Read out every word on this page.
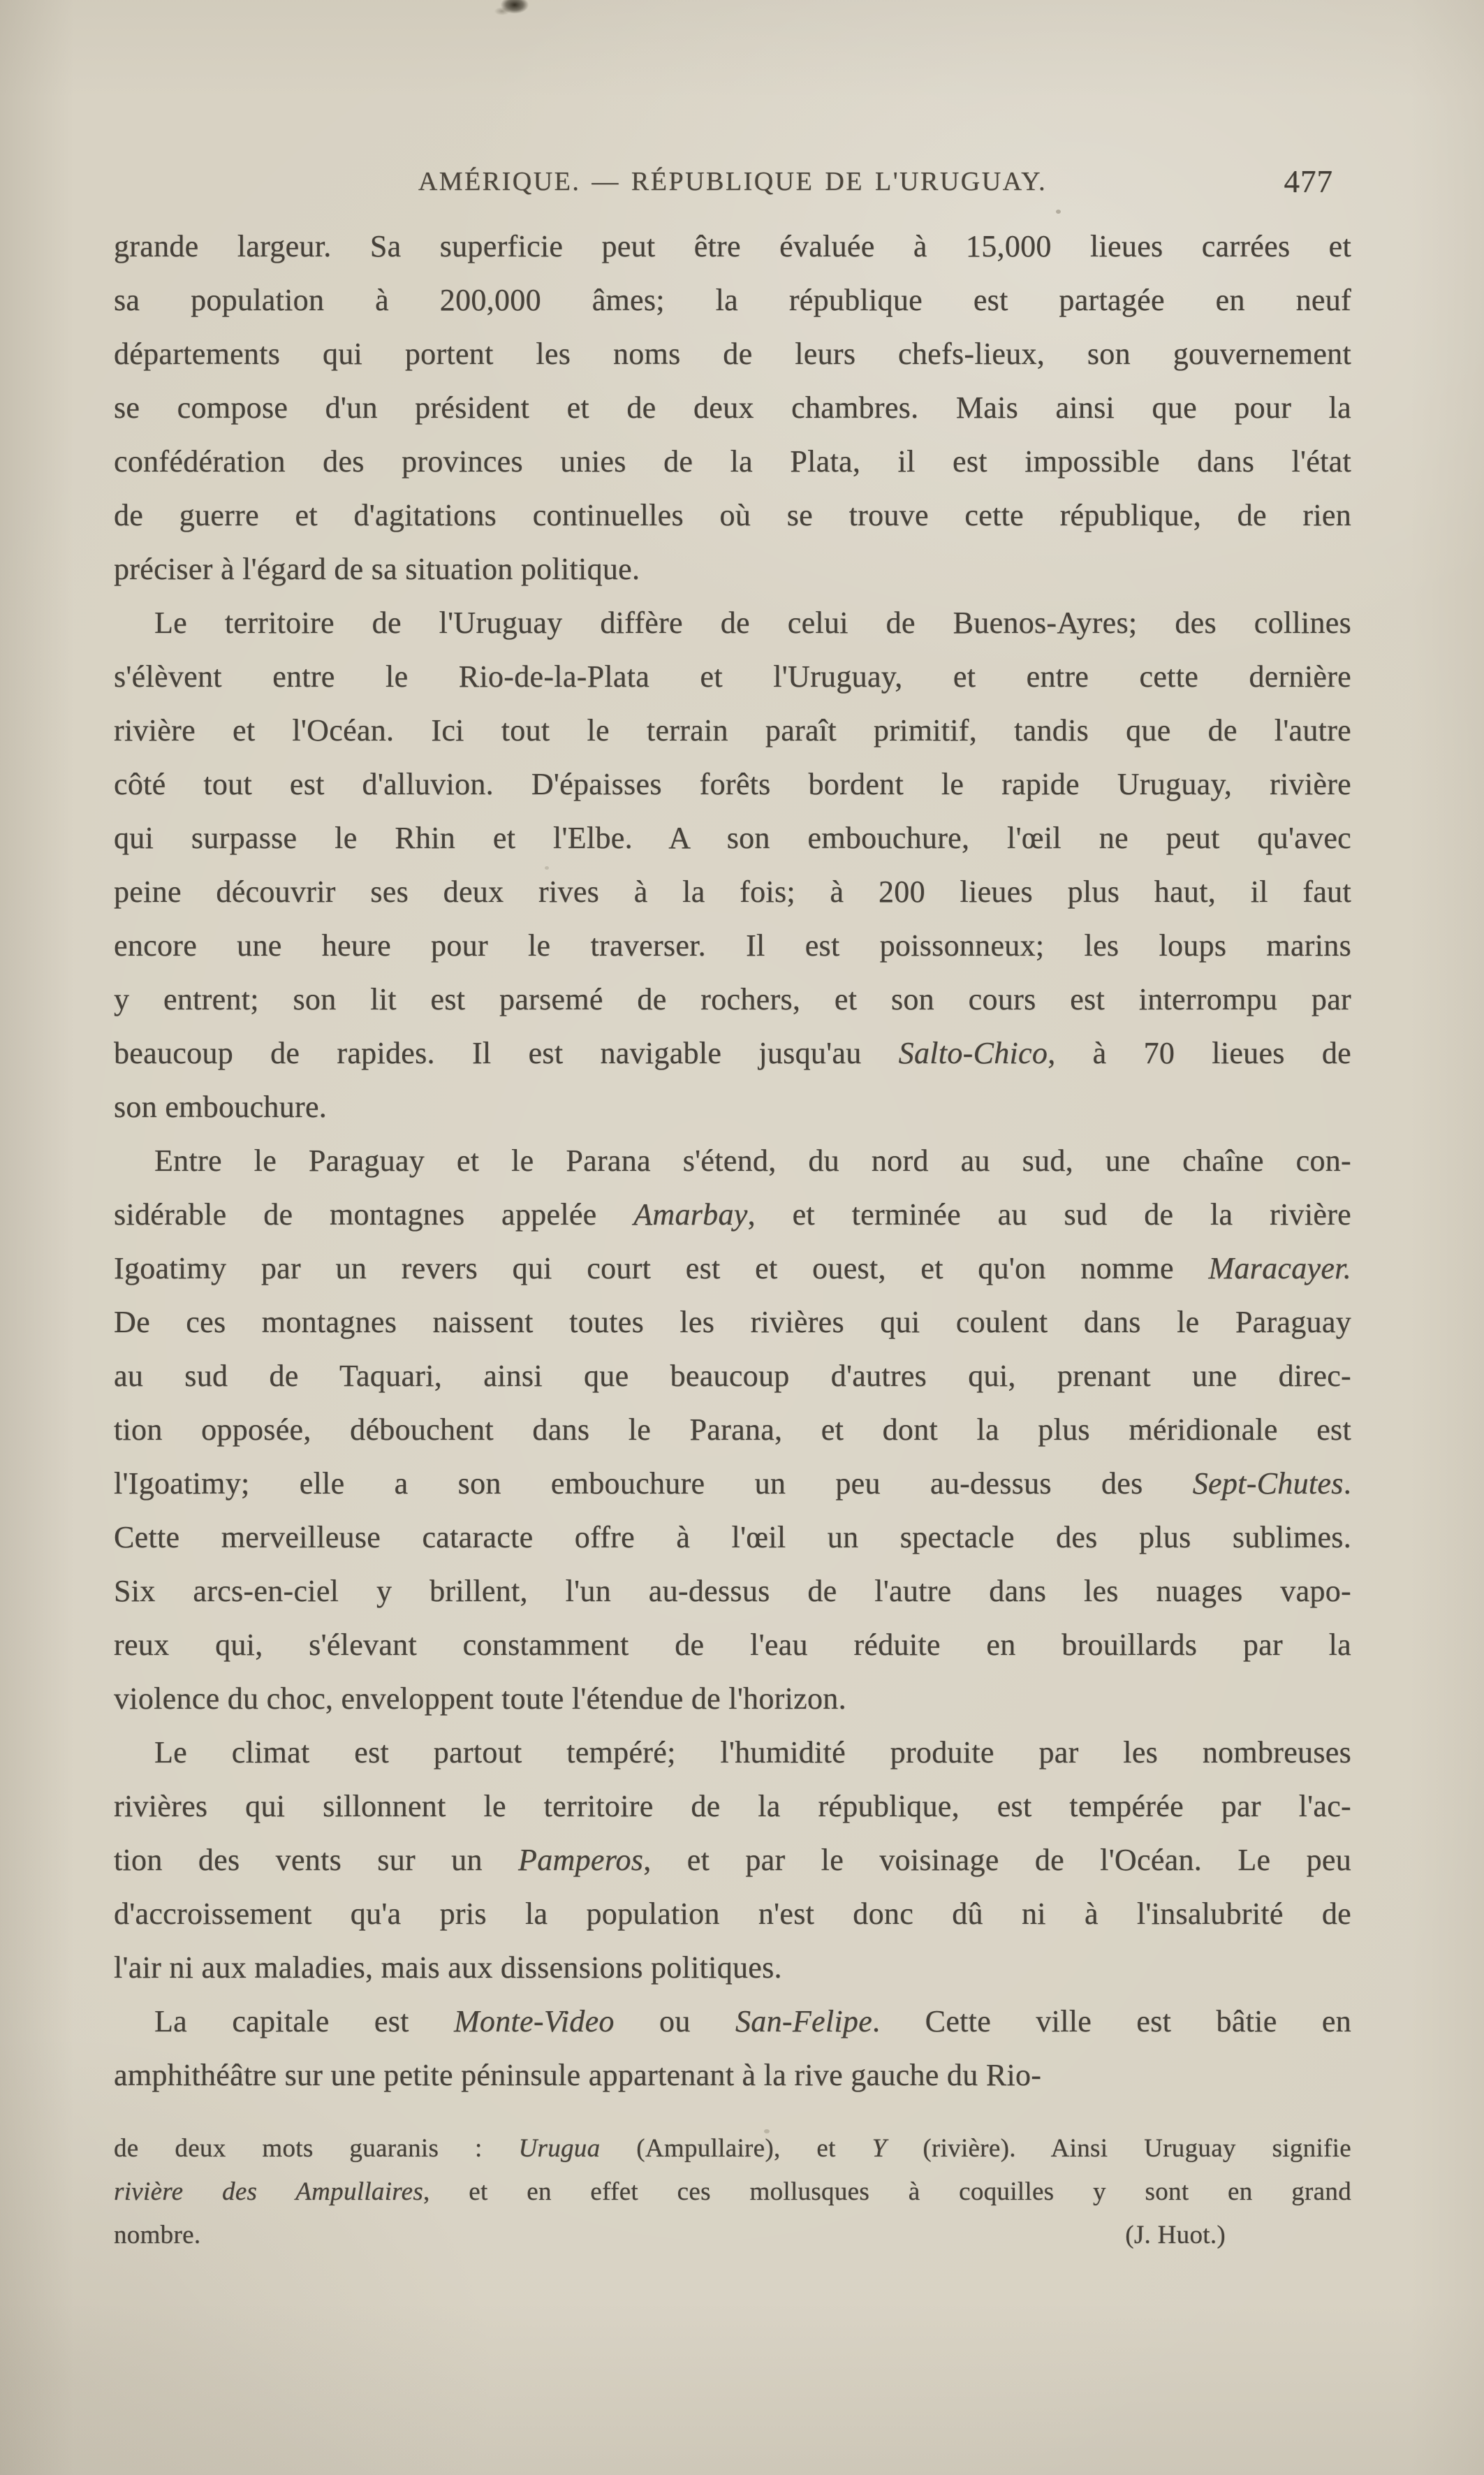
AMÉRIQUE. — RÉPUBLIQUE DE L'URUGUAY.	477
grande largeur. Sa superficie peut être évaluée à 15,000 lieues carrées et
sa population à 200,000 âmes; la république est partagée en neuf
départements qui portent les noms de leurs chefs-lieux, son gouvernement
se compose d'un président et de deux chambres. Mais ainsi que pour la
confédération des provinces unies de la Plata, il est impossible dans l'état
de guerre et d'agitations continuelles où se trouve cette république, de rien
préciser à l'égard de sa situation politique.
Le territoire de l'Uruguay diffère de celui de Buenos-Ayres; des collines
s'élèvent entre le Rio-de-la-Plata et l'Uruguay, et entre cette dernière
rivière et l'Océan. Ici tout le terrain paraît primitif, tandis que de l'autre
côté tout est d'alluvion. D'épaisses forêts bordent le rapide Uruguay, rivière
qui surpasse le Rhin et l'Elbe. A son embouchure, l'œil ne peut qu'avec
peine découvrir ses deux rives à la fois; à 200 lieues plus haut, il faut
encore une heure pour le traverser. Il est poissonneux; les loups marins
y entrent; son lit est parsemé de rochers, et son cours est interrompu par
beaucoup de rapides. Il est navigable jusqu'au Salto-Chico, à 70 lieues de
son embouchure.
Entre le Paraguay et le Parana s'étend, du nord au sud, une chaîne con-
sidérable de montagnes appelée Amarbay, et terminée au sud de la rivière
Igoatimy par un revers qui court est et ouest, et qu'on nomme Maracayer.
De ces montagnes naissent toutes les rivières qui coulent dans le Paraguay
au sud de Taquari, ainsi que beaucoup d'autres qui, prenant une direc-
tion opposée, débouchent dans le Parana, et dont la plus méridionale est
l'Igoatimy; elle a son embouchure un peu au-dessus des Sept-Chutes.
Cette merveilleuse cataracte offre à l'œil un spectacle des plus sublimes.
Six arcs-en-ciel y brillent, l'un au-dessus de l'autre dans les nuages vapo-
reux qui, s'élevant constamment de l'eau réduite en brouillards par la
violence du choc, enveloppent toute l'étendue de l'horizon.
Le climat est partout tempéré; l'humidité produite par les nombreuses
rivières qui sillonnent le territoire de la république, est tempérée par l'ac-
tion des vents sur un Pamperos, et par le voisinage de l'Océan. Le peu
d'accroissement qu'a pris la population n'est donc dû ni à l'insalubrité de
l'air ni aux maladies, mais aux dissensions politiques.
La capitale est Monte-Video ou San-Felipe. Cette ville est bâtie en
amphithéâtre sur une petite péninsule appartenant à la rive gauche du Rio-
de deux mots guaranis : Urugua (Ampullaire), et Y (rivière). Ainsi Uruguay signifie
rivière des Ampullaires, et en effet ces mollusques à coquilles y sont en grand
nombre.	(J. Huot.)
